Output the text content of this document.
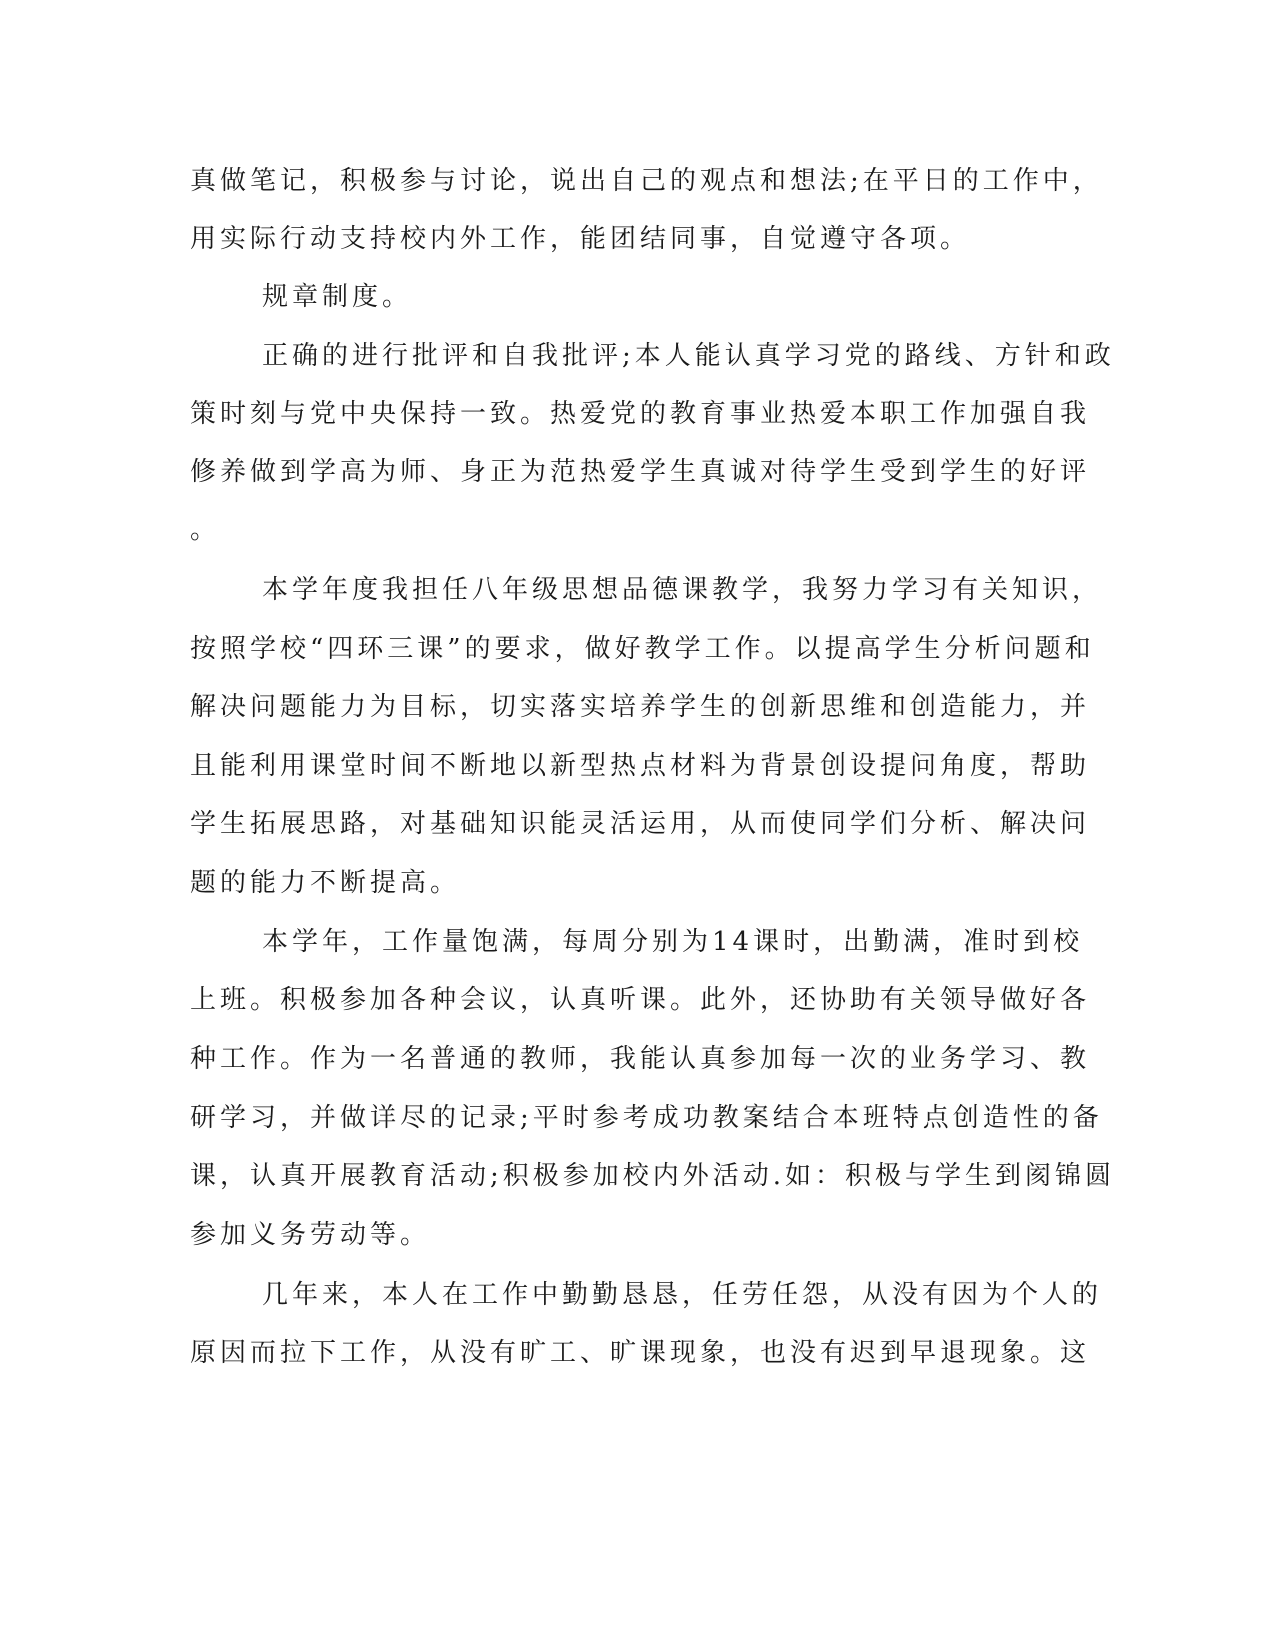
真做笔记，积极参与讨论，说出自己的观点和想法;在平日的工作中，
用实际行动支持校内外工作，能团结同事，自觉遵守各项。
规章制度。
正确的进行批评和自我批评;本人能认真学习党的路线、方针和政
策时刻与党中央保持一致。热爱党的教育事业热爱本职工作加强自我
修养做到学高为师、身正为范热爱学生真诚对待学生受到学生的好评
。
本学年度我担任八年级思想品德课教学，我努力学习有关知识，
按照学校“四环三课”的要求，做好教学工作。以提高学生分析问题和
解决问题能力为目标，切实落实培养学生的创新思维和创造能力，并
且能利用课堂时间不断地以新型热点材料为背景创设提问角度，帮助
学生拓展思路，对基础知识能灵活运用，从而使同学们分析、解决问
题的能力不断提高。
本学年，工作量饱满，每周分别为14课时，出勤满，准时到校
上班。积极参加各种会议，认真听课。此外，还协助有关领导做好各
种工作。作为一名普通的教师，我能认真参加每一次的业务学习、教
研学习，并做详尽的记录;平时参考成功教案结合本班特点创造性的备
课，认真开展教育活动;积极参加校内外活动.如：积极与学生到阂锦圆
参加义务劳动等。
几年来，本人在工作中勤勤恳恳，任劳任怨，从没有因为个人的
原因而拉下工作，从没有旷工、旷课现象，也没有迟到早退现象。这
